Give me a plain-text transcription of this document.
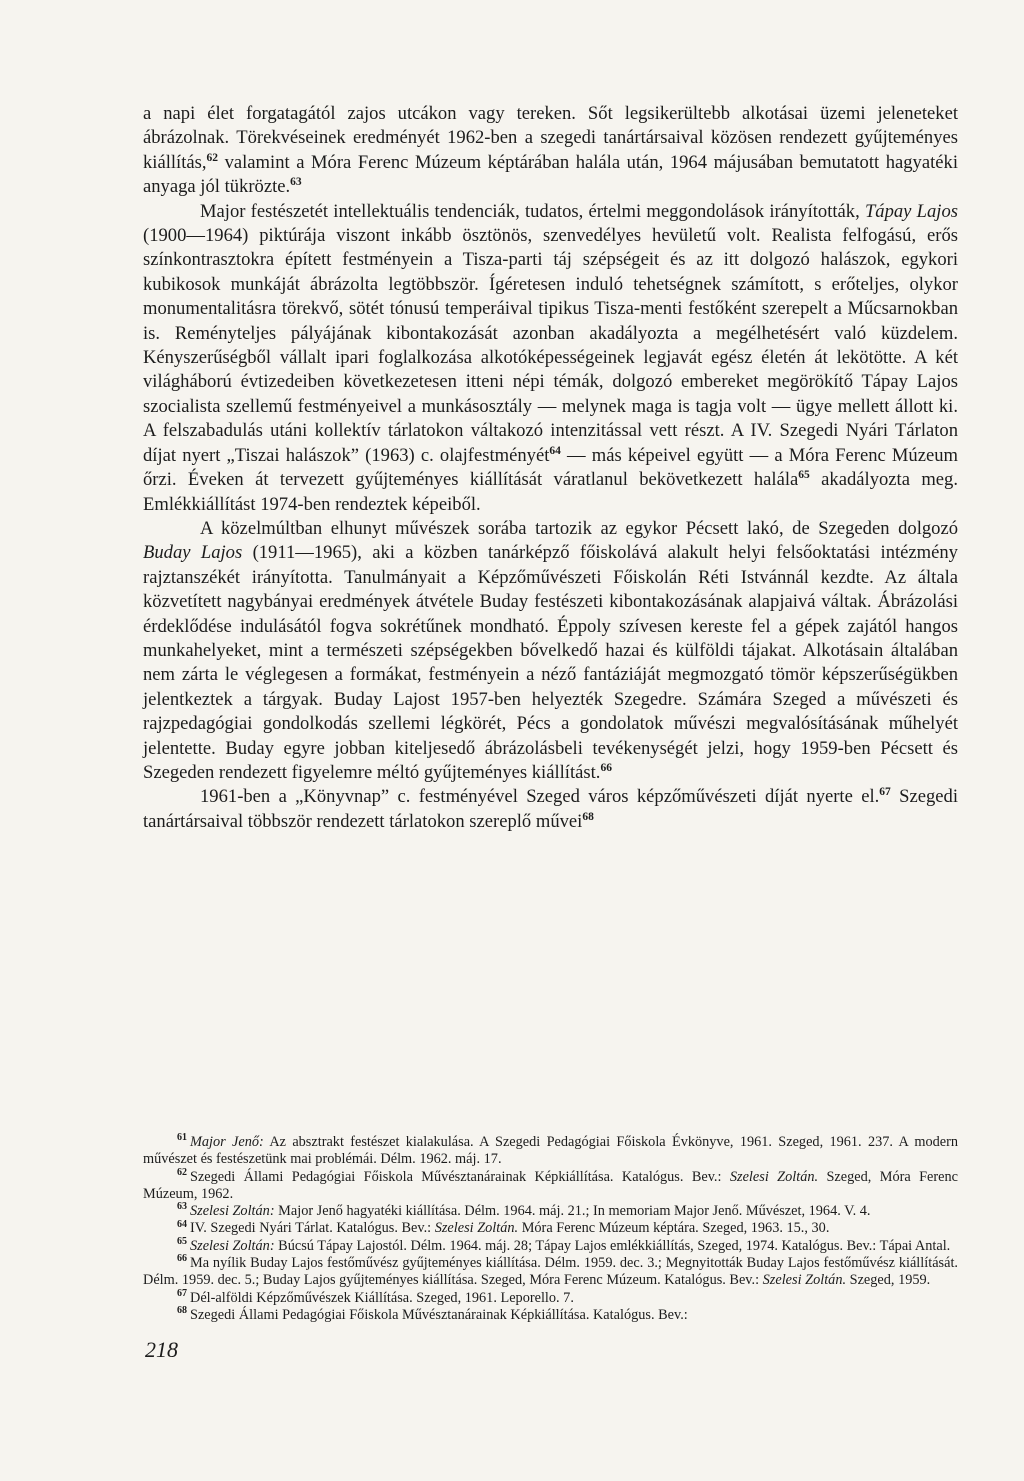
a napi élet forgatagától zajos utcákon vagy tereken. Sőt legsikerültebb alkotásai üzemi jeleneteket ábrázolnak. Törekvéseinek eredményét 1962-ben a szegedi tanártársaival közösen rendezett gyűjteményes kiállítás,$^{62}$ valamint a Móra Ferenc Múzeum képtárában halála után, 1964 májusában bemutatott hagyatéki anyaga jól tükrözte.$^{63}$

Major festészetét intellektuális tendenciák, tudatos, értelmi meggondolások irányították, Tápay Lajos (1900—1964) piktúrája viszont inkább ösztönös, szenvedélyes hevületű volt. Realista felfogású, erős színkontrasztokra épített festményein a Tisza-parti táj szépségeit és az itt dolgozó halászok, egykori kubikosok munkáját ábrázolta legtöbbször. Ígéretesen induló tehetségnek számított, s erőteljes, olykor monumentalitásra törekvő, sötét tónusú temperáival tipikus Tisza-menti festőként szerepelt a Műcsarnokban is. Reményteljes pályájának kibontakozását azonban akadályozta a megélhetésért való küzdelem. Kényszerűségből vállalt ipari foglalkozása alkotóképességeinek legjavát egész életén át lekötötte. A két világháború évtizedeiben következetesen itteni népi témák, dolgozó embereket megörökítő Tápay Lajos szocialista szellemű festményeivel a munkásosztály — melynek maga is tagja volt — ügye mellett állott ki. A felszabadulás utáni kollektív tárlatokon váltakozó intenzitással vett részt. A IV. Szegedi Nyári Tárlaton díjat nyert „Tiszai halászok” (1963) c. olajfestményét$^{64}$ — más képeivel együtt — a Móra Ferenc Múzeum őrzi. Éveken át tervezett gyűjteményes kiállítását váratlanul bekövetkezett halála$^{65}$ akadályozta meg. Emlékkiállítást 1974-ben rendeztek képeiből.

A közelmúltban elhunyt művészek sorába tartozik az egykor Pécsett lakó, de Szegeden dolgozó Buday Lajos (1911—1965), aki a közben tanárképző főiskolává alakult helyi felsőoktatási intézmény rajztanszékét irányította. Tanulmányait a Képzőművészeti Főiskolán Réti Istvánnál kezdte. Az általa közvetített nagybányai eredmények átvétele Buday festészeti kibontakozásának alapjaivá váltak. Ábrázolási érdeklődése indulásától fogva sokrétűnek mondható. Éppoly szívesen kereste fel a gépek zajától hangos munkahelyeket, mint a természeti szépségekben bővelkedő hazai és külföldi tájakat. Alkotásain általában nem zárta le véglegesen a formákat, festményein a néző fantáziáját megmozgató tömör képszerűségükben jelentkeztek a tárgyak. Buday Lajost 1957-ben helyezték Szegedre. Számára Szeged a művészeti és rajzpedagógiai gondolkodás szellemi légkörét, Pécs a gondolatok művészi megvalósításának műhelyét jelentette. Buday egyre jobban kiteljesedő ábrázolásbeli tevékenységét jelzi, hogy 1959-ben Pécsett és Szegeden rendezett figyelemre méltó gyűjteményes kiállítást.$^{66}$

1961-ben a „Könyvnap” c. festményével Szeged város képzőművészeti díját nyerte el.$^{67}$ Szegedi tanártársaival többször rendezett tárlatokon szereplő művei$^{68}$

$^{61}$ Major Jenő: Az absztrakt festészet kialakulása. A Szegedi Pedagógiai Főiskola Évkönyve, 1961. Szeged, 1961. 237. A modern művészet és festészetünk mai problémái. Délm. 1962. máj. 17.

$^{62}$ Szegedi Állami Pedagógiai Főiskola Művésztanárainak Képkiállítása. Katalógus. Bev.: Szelesi Zoltán. Szeged, Móra Ferenc Múzeum, 1962.

$^{63}$ Szelesi Zoltán: Major Jenő hagyatéki kiállítása. Délm. 1964. máj. 21.; In memoriam Major Jenő. Művészet, 1964. V. 4.

$^{64}$ IV. Szegedi Nyári Tárlat. Katalógus. Bev.: Szelesi Zoltán. Móra Ferenc Múzeum képtára. Szeged, 1963. 15., 30.

$^{65}$ Szelesi Zoltán: Búcsú Tápay Lajostól. Délm. 1964. máj. 28; Tápay Lajos emlékkiállítás, Szeged, 1974. Katalógus. Bev.: Tápai Antal.

$^{66}$ Ma nyílik Buday Lajos festőművész gyűjteményes kiállítása. Délm. 1959. dec. 3.; Megnyitották Buday Lajos festőművész kiállítását. Délm. 1959. dec. 5.; Buday Lajos gyűjteményes kiállítása. Szeged, Móra Ferenc Múzeum. Katalógus. Bev.: Szelesi Zoltán. Szeged, 1959.

$^{67}$ Dél-alföldi Képzőművészek Kiállítása. Szeged, 1961. Leporello. 7.

$^{68}$ Szegedi Állami Pedagógiai Főiskola Művésztanárainak Képkiállítása. Katalógus. Bev.:

218
